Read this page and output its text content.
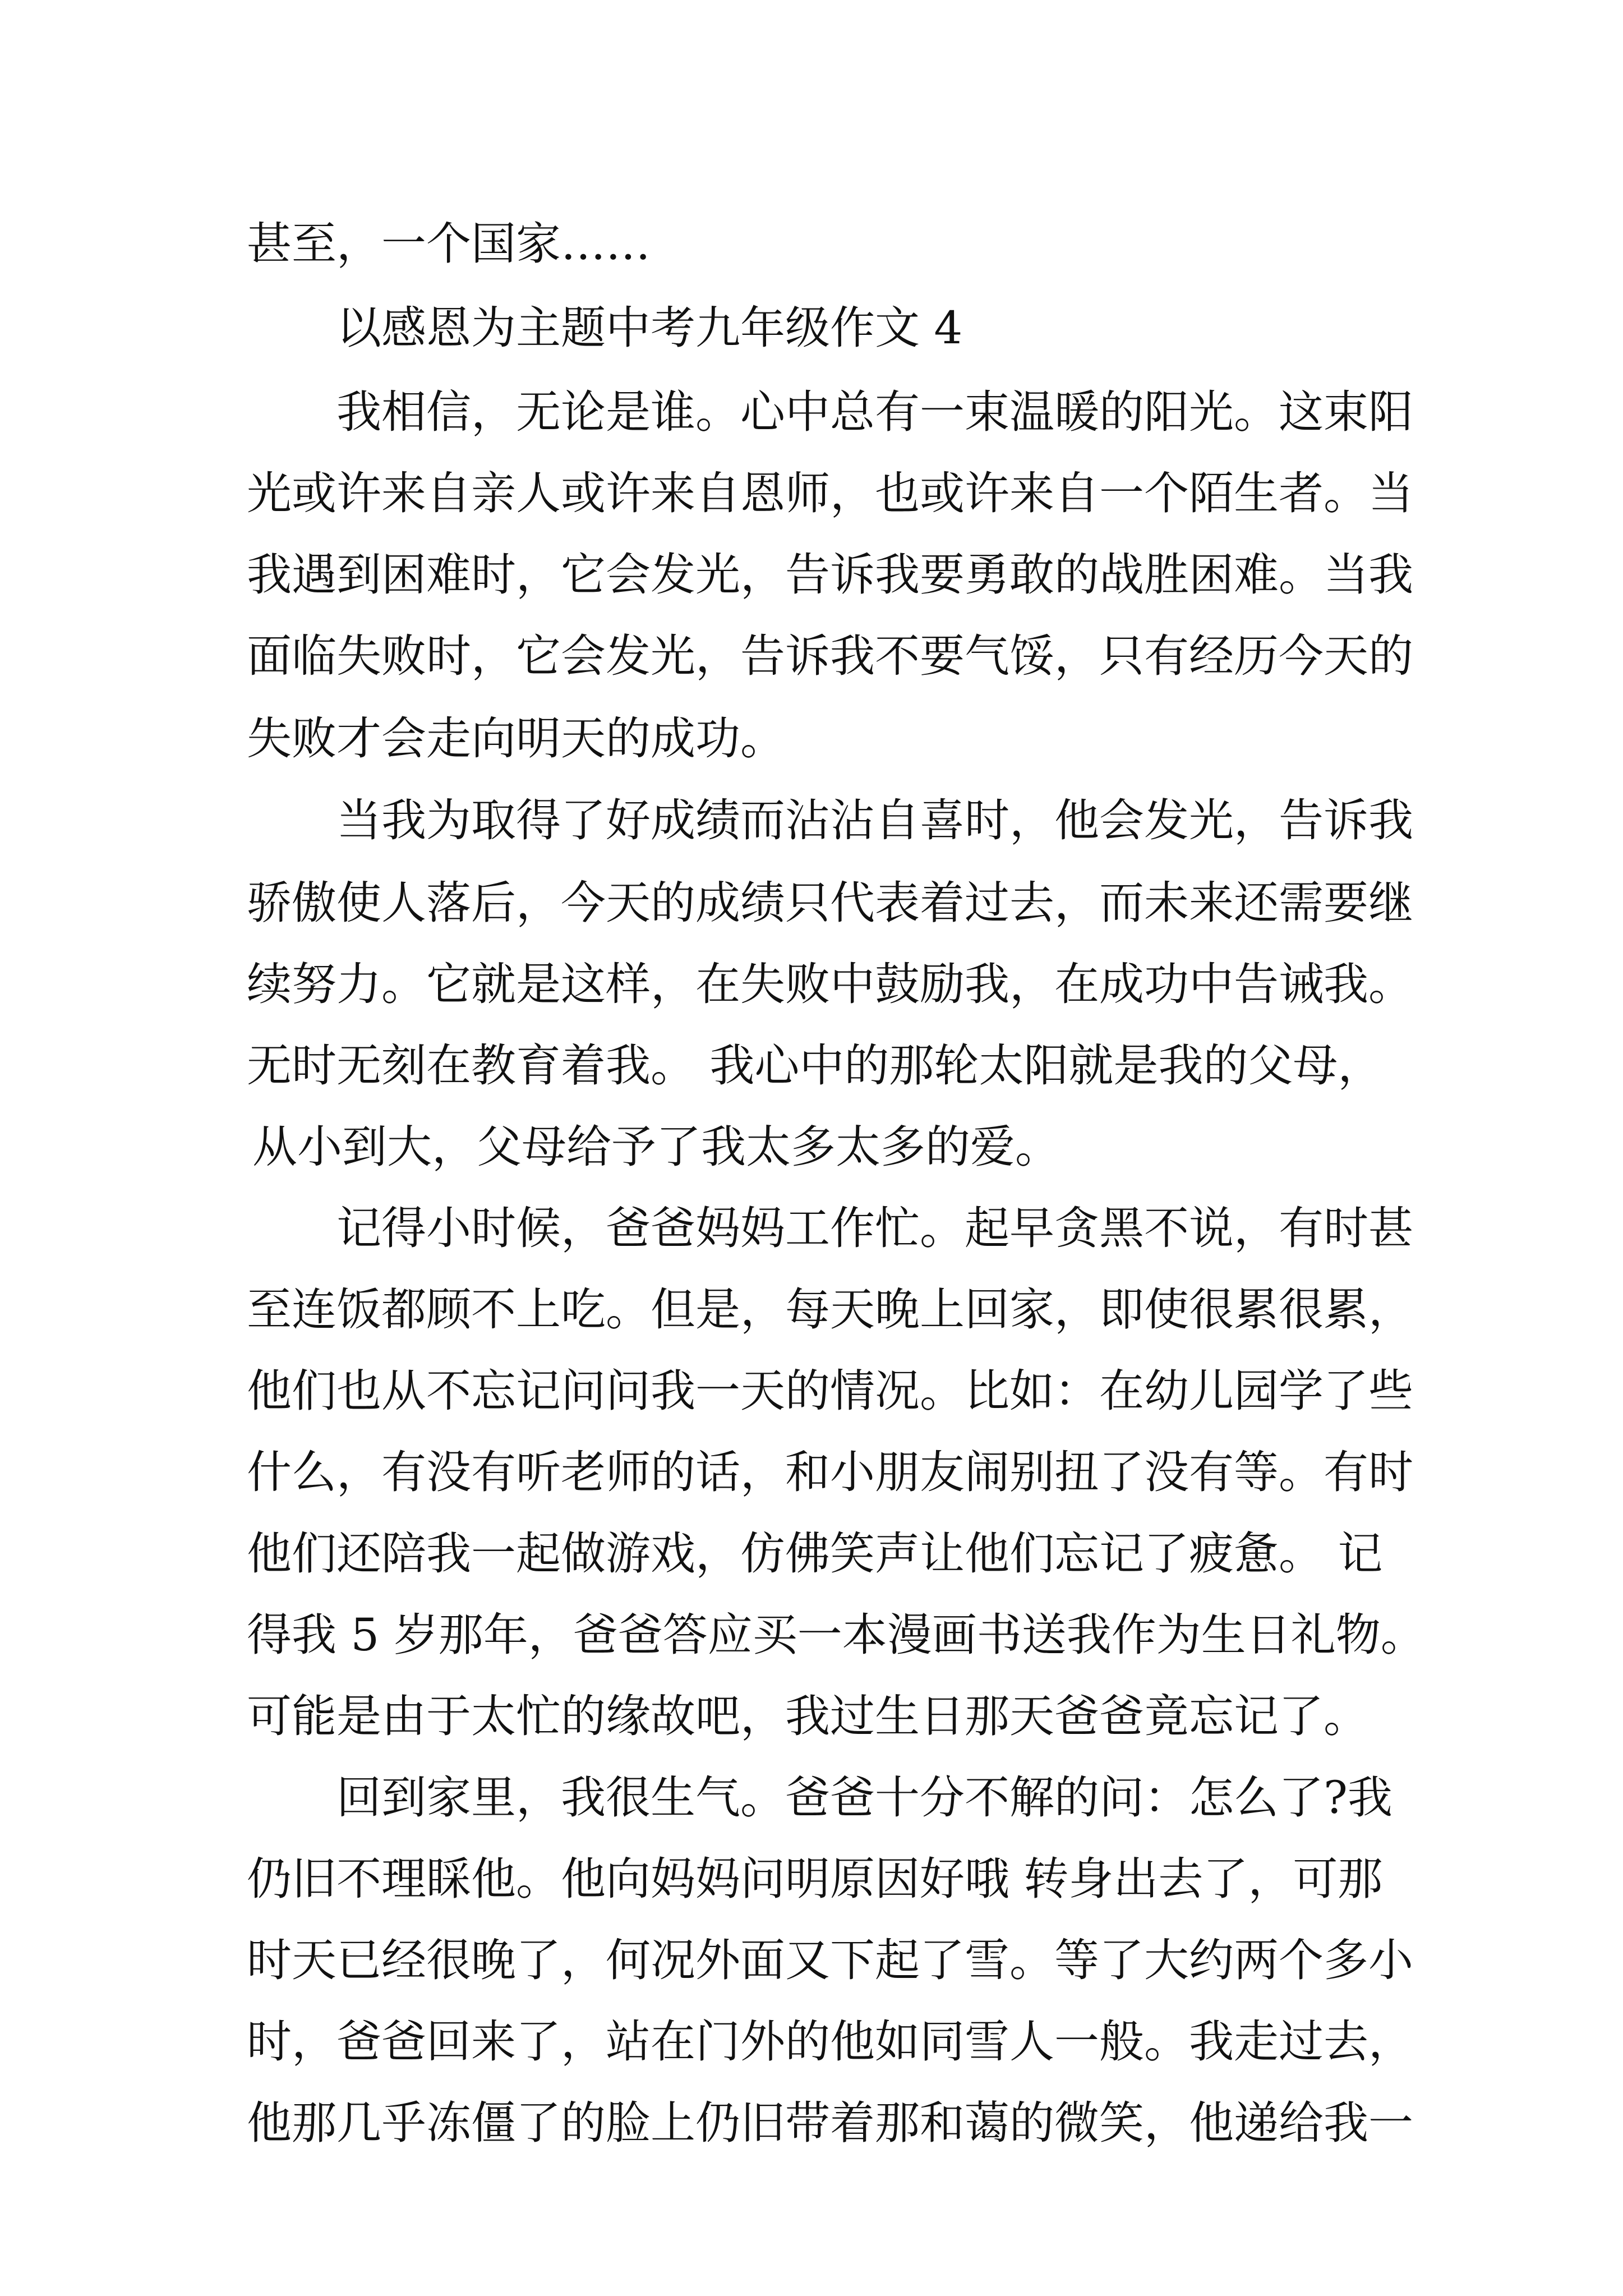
甚至，一个国家……
以感恩为主题中考九年级作文 4
我相信，无论是谁。心中总有一束温暖的阳光。这束阳
光或许来自亲人或许来自恩师，也或许来自一个陌生者。当
我遇到困难时，它会发光，告诉我要勇敢的战胜困难。当我
面临失败时，它会发光，告诉我不要气馁，只有经历今天的
失败才会走向明天的成功。
当我为取得了好成绩而沾沾自喜时，他会发光，告诉我
骄傲使人落后，今天的成绩只代表着过去，而未来还需要继
续努力。它就是这样，在失败中鼓励我，在成功中告诫我。
无时无刻在教育着我。 我心中的那轮太阳就是我的父母，
从小到大，父母给予了我太多太多的爱。
记得小时候，爸爸妈妈工作忙。起早贪黑不说，有时甚
至连饭都顾不上吃。但是，每天晚上回家，即使很累很累，
他们也从不忘记问问我一天的情况。比如：在幼儿园学了些
什么，有没有听老师的话，和小朋友闹别扭了没有等。有时
他们还陪我一起做游戏，仿佛笑声让他们忘记了疲惫。 记
得我 5 岁那年，爸爸答应买一本漫画书送我作为生日礼物。
可能是由于太忙的缘故吧，我过生日那天爸爸竟忘记了。
回到家里，我很生气。爸爸十分不解的问：怎么了?我
仍旧不理睬他。他向妈妈问明原因好哦 转身出去了，可那
时天已经很晚了，何况外面又下起了雪。等了大约两个多小
时，爸爸回来了，站在门外的他如同雪人一般。我走过去，
他那几乎冻僵了的脸上仍旧带着那和蔼的微笑，他递给我一
